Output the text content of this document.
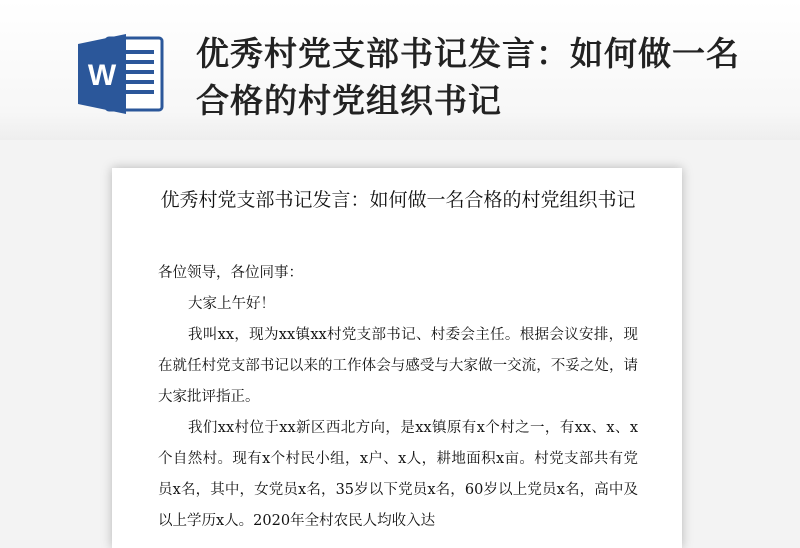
W
优秀村党支部书记发言：如何做一名合格的村党组织书记
优秀村党支部书记发言：如何做一名合格的村党组织书记

各位领导，各位同事：

大家上午好！

我叫xx，现为xx镇xx村党支部书记、村委会主任。根据会议安排，现在就任村党支部书记以来的工作体会与感受与大家做一交流，不妥之处，请大家批评指正。

我们xx村位于xx新区西北方向，是xx镇原有x个村之一，有xx、x、x个自然村。现有x个村民小组，x户、x人，耕地面积x亩。村党支部共有党员x名，其中，女党员x名，35岁以下党员x名，60岁以上党员x名，高中及以上学历x人。2020年全村农民人均收入达
